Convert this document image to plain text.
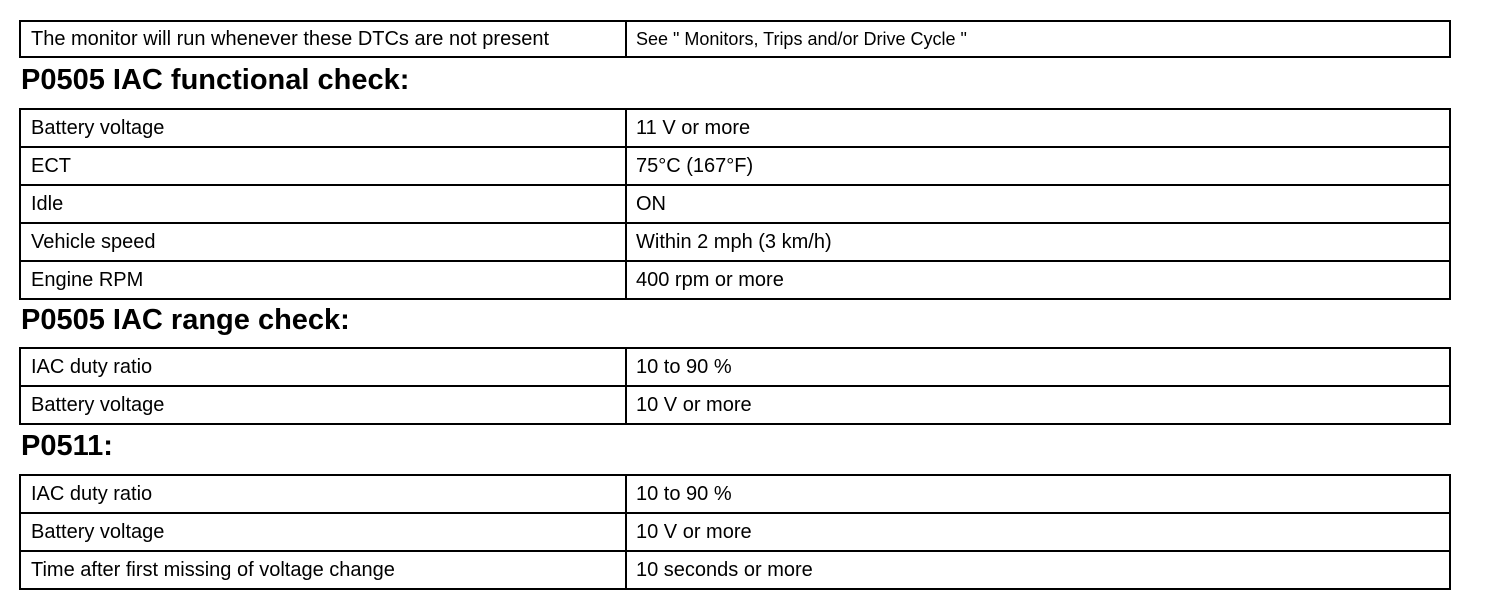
The monitor will run whenever these DTCs are not present	See " Monitors, Trips and/or Drive Cycle "
P0505 IAC functional check:
Battery voltage	11 V or more
ECT	75°C (167°F)
Idle	ON
Vehicle speed	Within 2 mph (3 km/h)
Engine RPM	400 rpm or more
P0505 IAC range check:
IAC duty ratio	10 to 90 %
Battery voltage	10 V or more
P0511:
IAC duty ratio	10 to 90 %
Battery voltage	10 V or more
Time after first missing of voltage change	10 seconds or more
